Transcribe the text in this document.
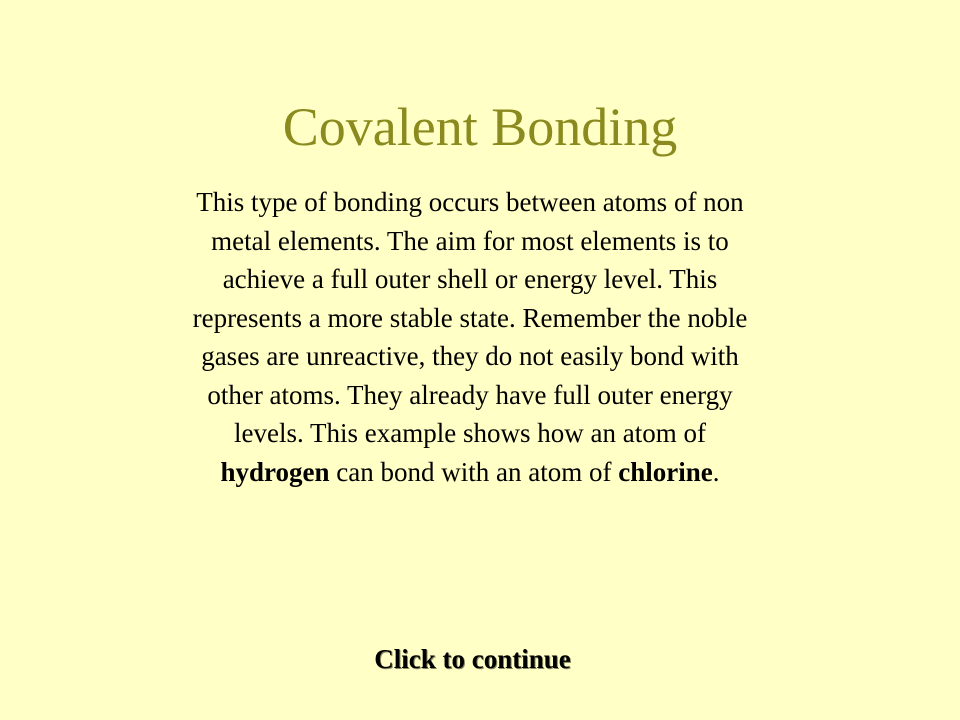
Covalent Bonding

This type of bonding occurs between atoms of non metal elements. The aim for most elements is to achieve a full outer shell or energy level. This represents a more stable state. Remember the noble gases are unreactive, they do not easily bond with other atoms. They already have full outer energy levels. This example shows how an atom of hydrogen can bond with an atom of chlorine.

Click to continue
